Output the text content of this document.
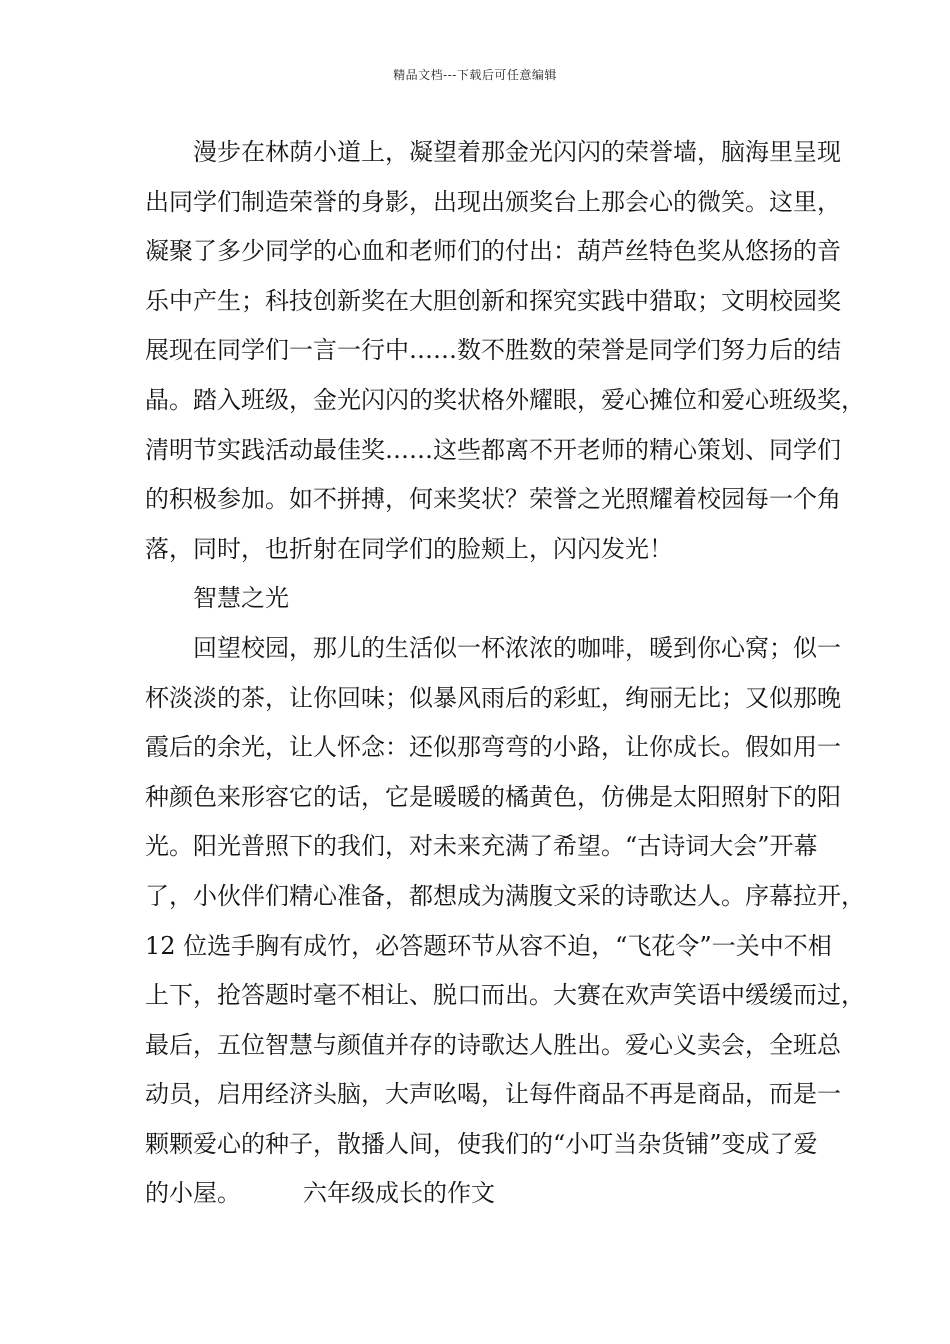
精品文档---下载后可任意编辑
漫步在林荫小道上，凝望着那金光闪闪的荣誉墙，脑海里呈现
出同学们制造荣誉的身影，出现出颁奖台上那会心的微笑。这里，
凝聚了多少同学的心血和老师们的付出：葫芦丝特色奖从悠扬的音
乐中产生；科技创新奖在大胆创新和探究实践中猎取；文明校园奖
展现在同学们一言一行中……数不胜数的荣誉是同学们努力后的结
晶。踏入班级，金光闪闪的奖状格外耀眼，爱心摊位和爱心班级奖，
清明节实践活动最佳奖……这些都离不开老师的精心策划、同学们
的积极参加。如不拼搏，何来奖状？荣誉之光照耀着校园每一个角
落，同时，也折射在同学们的脸颊上，闪闪发光！
智慧之光
回望校园，那儿的生活似一杯浓浓的咖啡，暖到你心窝；似一
杯淡淡的茶，让你回味；似暴风雨后的彩虹，绚丽无比；又似那晚
霞后的余光，让人怀念：还似那弯弯的小路，让你成长。假如用一
种颜色来形容它的话，它是暖暖的橘黄色，仿佛是太阳照射下的阳
光。阳光普照下的我们，对未来充满了希望。“古诗词大会”开幕
了，小伙伴们精心准备，都想成为满腹文采的诗歌达人。序幕拉开，
12 位选手胸有成竹，必答题环节从容不迫，“飞花令”一关中不相
上下，抢答题时毫不相让、脱口而出。大赛在欢声笑语中缓缓而过，
最后，五位智慧与颜值并存的诗歌达人胜出。爱心义卖会，全班总
动员，启用经济头脑，大声吆喝，让每件商品不再是商品，而是一
颗颗爱心的种子，散播人间，使我们的“小叮当杂货铺”变成了爱
的小屋。	六年级成长的作文
